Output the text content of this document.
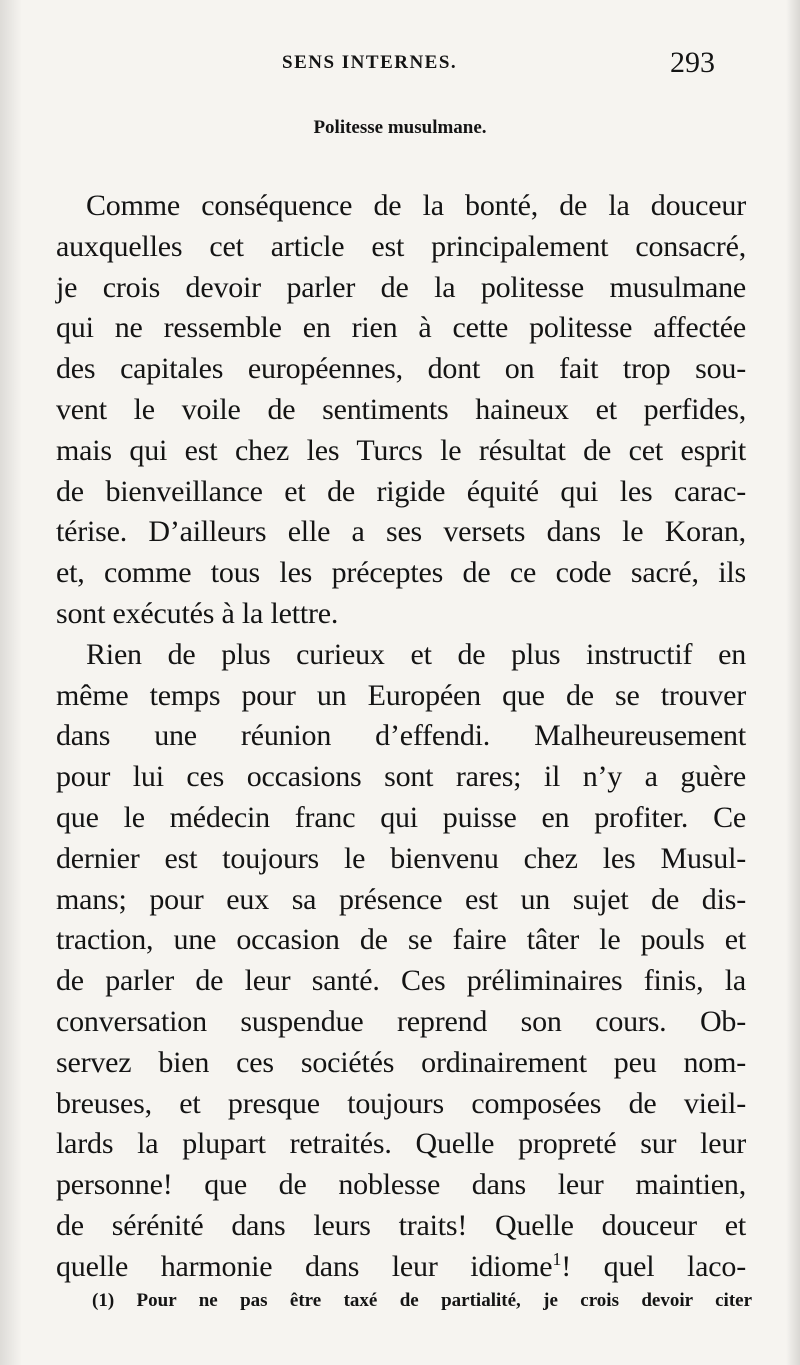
SENS INTERNES.	293
Politesse musulmane.

Comme conséquence de la bonté, de la douceur
auxquelles cet article est principalement consacré,
je crois devoir parler de la politesse musulmane
qui ne ressemble en rien à cette politesse affectée
des capitales européennes, dont on fait trop sou-
vent le voile de sentiments haineux et perfides,
mais qui est chez les Turcs le résultat de cet esprit
de bienveillance et de rigide équité qui les carac-
térise. D’ailleurs elle a ses versets dans le Koran,
et, comme tous les préceptes de ce code sacré, ils
sont exécutés à la lettre.

Rien de plus curieux et de plus instructif en
même temps pour un Européen que de se trouver
dans une réunion d’effendi. Malheureusement
pour lui ces occasions sont rares; il n’y a guère
que le médecin franc qui puisse en profiter. Ce
dernier est toujours le bienvenu chez les Musul-
mans; pour eux sa présence est un sujet de dis-
traction, une occasion de se faire tâter le pouls et
de parler de leur santé. Ces préliminaires finis, la
conversation suspendue reprend son cours. Ob-
servez bien ces sociétés ordinairement peu nom-
breuses, et presque toujours composées de vieil-
lards la plupart retraités. Quelle propreté sur leur
personne! que de noblesse dans leur maintien,
de sérénité dans leurs traits! Quelle douceur et
quelle harmonie dans leur idiome$^1$! quel laco-

(1) Pour ne pas être taxé de partialité, je crois devoir citer
